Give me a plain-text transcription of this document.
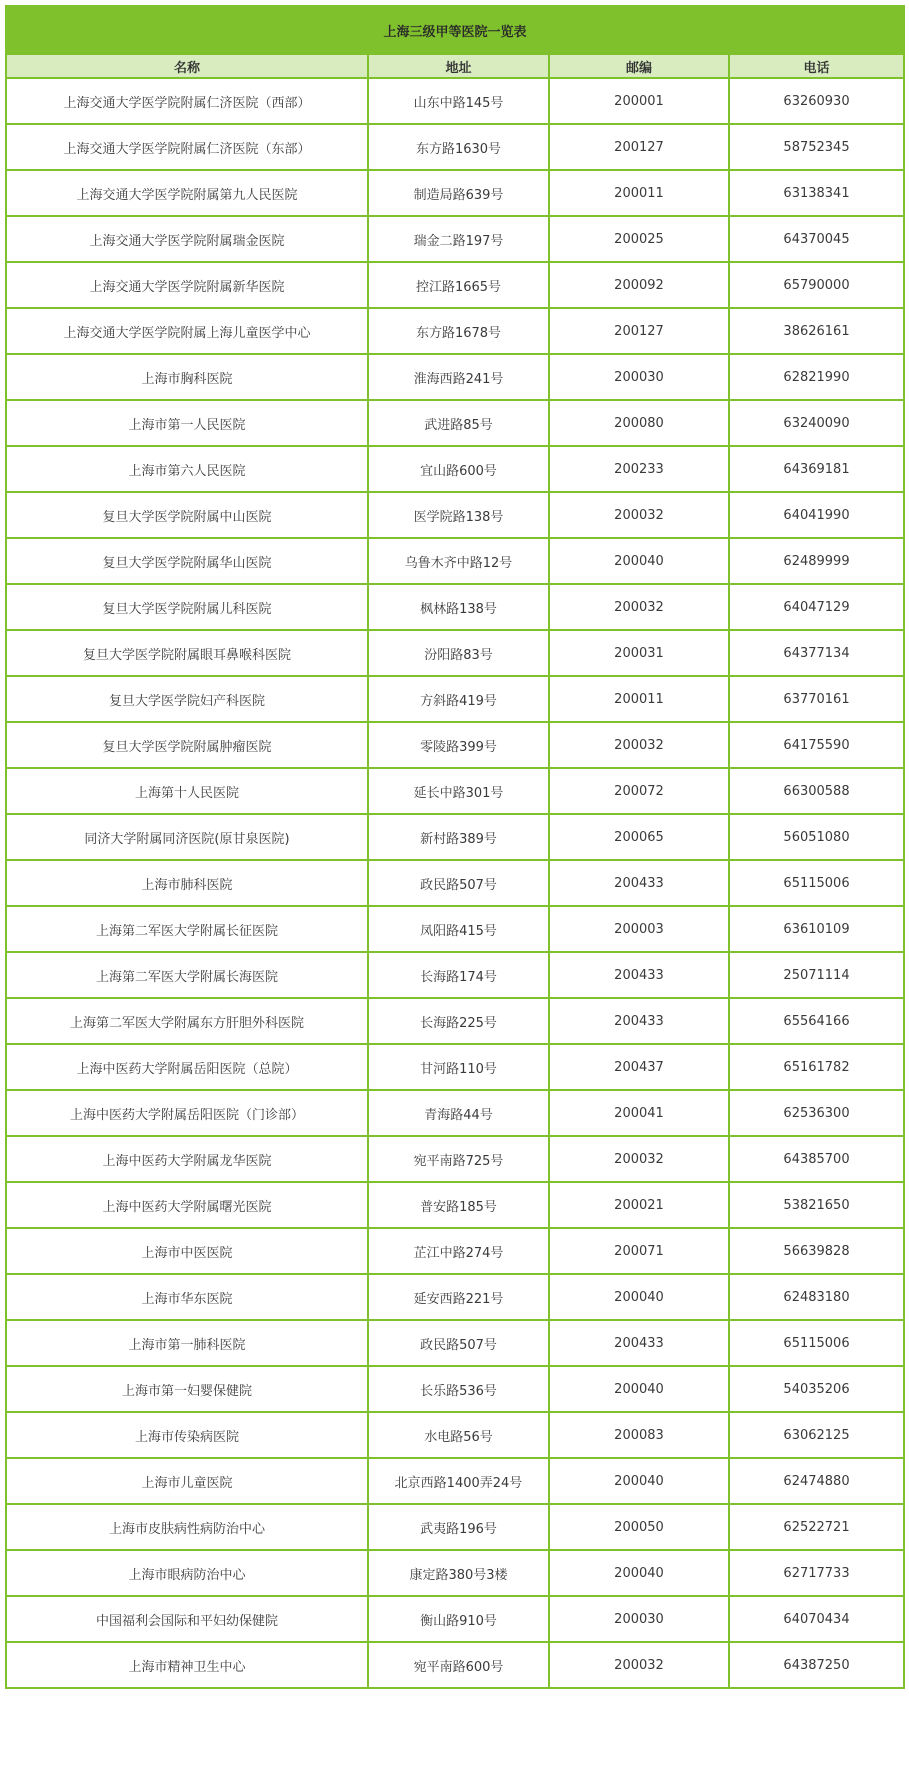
上海三级甲等医院一览表			
名称	地址	邮编	电话
上海交通大学医学院附属仁济医院（西部）	山东中路145号	200001	63260930
上海交通大学医学院附属仁济医院（东部）	东方路1630号	200127	58752345
上海交通大学医学院附属第九人民医院	制造局路639号	200011	63138341
上海交通大学医学院附属瑞金医院	瑞金二路197号	200025	64370045
上海交通大学医学院附属新华医院	控江路1665号	200092	65790000
上海交通大学医学院附属上海儿童医学中心	东方路1678号	200127	38626161
上海市胸科医院	淮海西路241号	200030	62821990
上海市第一人民医院	武进路85号	200080	63240090
上海市第六人民医院	宜山路600号	200233	64369181
复旦大学医学院附属中山医院	医学院路138号	200032	64041990
复旦大学医学院附属华山医院	乌鲁木齐中路12号	200040	62489999
复旦大学医学院附属儿科医院	枫林路138号	200032	64047129
复旦大学医学院附属眼耳鼻喉科医院	汾阳路83号	200031	64377134
复旦大学医学院妇产科医院	方斜路419号	200011	63770161
复旦大学医学院附属肿瘤医院	零陵路399号	200032	64175590
上海第十人民医院	延长中路301号	200072	66300588
同济大学附属同济医院(原甘泉医院)	新村路389号	200065	56051080
上海市肺科医院	政民路507号	200433	65115006
上海第二军医大学附属长征医院	凤阳路415号	200003	63610109
上海第二军医大学附属长海医院	长海路174号	200433	25071114
上海第二军医大学附属东方肝胆外科医院	长海路225号	200433	65564166
上海中医药大学附属岳阳医院（总院）	甘河路110号	200437	65161782
上海中医药大学附属岳阳医院（门诊部）	青海路44号	200041	62536300
上海中医药大学附属龙华医院	宛平南路725号	200032	64385700
上海中医药大学附属曙光医院	普安路185号	200021	53821650
上海市中医医院	芷江中路274号	200071	56639828
上海市华东医院	延安西路221号	200040	62483180
上海市第一肺科医院	政民路507号	200433	65115006
上海市第一妇婴保健院	长乐路536号	200040	54035206
上海市传染病医院	水电路56号	200083	63062125
上海市儿童医院	北京西路1400弄24号	200040	62474880
上海市皮肤病性病防治中心	武夷路196号	200050	62522721
上海市眼病防治中心	康定路380号3楼	200040	62717733
中国福利会国际和平妇幼保健院	衡山路910号	200030	64070434
上海市精神卫生中心	宛平南路600号	200032	64387250
